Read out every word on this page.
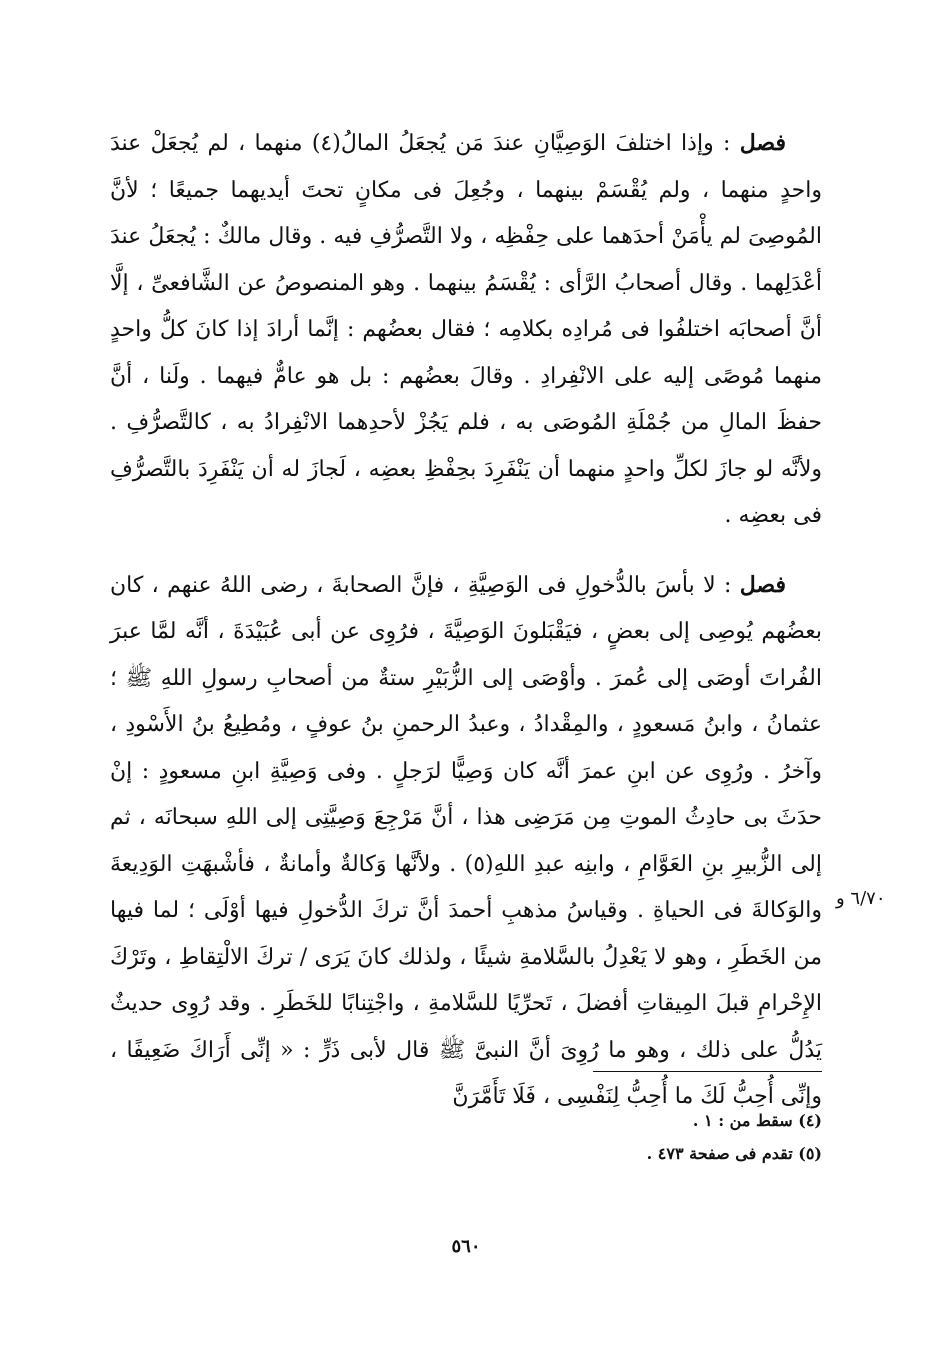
فصل : وإذا اختلفَ الوَصِيَّانِ عندَ مَن يُجعَلُ المالُ(٤) منهما ، لم يُجعَلْ عندَ واحدٍ منهما ، ولم يُقْسَمْ بينهما ، وجُعِلَ فى مكانٍ تحتَ أيديهما جميعًا ؛ لأنَّ المُوصِىَ لم يأْمَنْ أحدَهما على حِفْظِه ، ولا التَّصرُّفِ فيه . وقال مالكٌ : يُجعَلُ عندَ أعْدَلِهما . وقال أصحابُ الرَّأى : يُقْسَمُ بينهما . وهو المنصوصُ عن الشَّافعىِّ ، إلَّا أنَّ أصحابَه اختلفُوا فى مُرادِه بكلامِه ؛ فقال بعضُهم : إنَّما أرادَ إذا كانَ كلُّ واحدٍ منهما مُوصًى إليه على الانْفِرادِ . وقالَ بعضُهم : بل هو عامٌّ فيهما . ولَنا ، أنَّ حفظَ المالِ من جُمْلَةِ المُوصَى به ، فلم يَجُزْ لأحدِهما الانْفِرادُ به ، كالتَّصرُّفِ . ولأنَّه لو جازَ لكلِّ واحدٍ منهما أن يَنْفَرِدَ بحِفْظِ بعضِه ، لَجازَ له أن يَنْفَرِدَ بالتَّصرُّفِ فى بعضِه .

فصل : لا بأسَ بالدُّخولِ فى الوَصِيَّةِ ، فإنَّ الصحابةَ ، رضى اللهُ عنهم ، كان بعضُهم يُوصِى إلى بعضٍ ، فيَقْبَلونَ الوَصِيَّةَ ، فرُوِى عن أبى عُبَيْدَةَ ، أنَّه لمَّا عبرَ الفُراتَ أوصَى إلى عُمرَ . وأوْصَى إلى الزُّبَيْرِ ستةٌ من أصحابِ رسولِ اللهِ ﷺ ؛ عثمانُ ، وابنُ مَسعودٍ ، والمِقْدادُ ، وعبدُ الرحمنِ بنُ عوفٍ ، ومُطِيعُ بنُ الأَسْودِ ، وآخرُ . ورُوِى عن ابنِ عمرَ أنَّه كان وَصِيًّا لرَجلٍ . وفى وَصِيَّةِ ابنِ مسعودٍ : إنْ حدَثَ بى حادِثُ الموتِ مِن مَرَضِى هذا ، أنَّ مَرْجِعَ وَصِيَّتِى إلى اللهِ سبحانَه ، ثم إلى الزُّبيرِ بنِ العَوَّامِ ، وابنِه عبدِ اللهِ(٥) . ولأنَّها وَكالةٌ وأمانةٌ ، فأشْبهَتِ الوَدِيعةَ والوَكالةَ فى الحياةِ . وقياسُ مذهبِ أحمدَ أنَّ تركَ الدُّخولِ فيها أوْلَى ؛ لما فيها من الخَطَرِ ، وهو لا يَعْدِلُ بالسَّلامةِ شيئًا ، ولذلك كانَ يَرَى / تركَ الالْتِقاطِ ، وتَرْكَ الإِحْرامِ قبلَ المِيقاتِ أفضلَ ، تَحرِّيًا للسَّلامةِ ، واجْتِنابًا للخَطَرِ . وقد رُوِى حديثٌ يَدُلُّ على ذلك ، وهو ما رُوِىَ أنَّ النبىَّ ﷺ قال لأبى ذَرٍّ : « إنِّى أَرَاكَ ضَعِيفًا ، وإنِّى أُحِبُّ لَكَ ما أُحِبُّ لِنَفْسِى ، فَلَا تَأَمَّرَنَّ

٦/٧٠ و

(٤) سقط من : ١ .

(٥) تقدم فى صفحة ٤٧٣ .

٥٦٠
